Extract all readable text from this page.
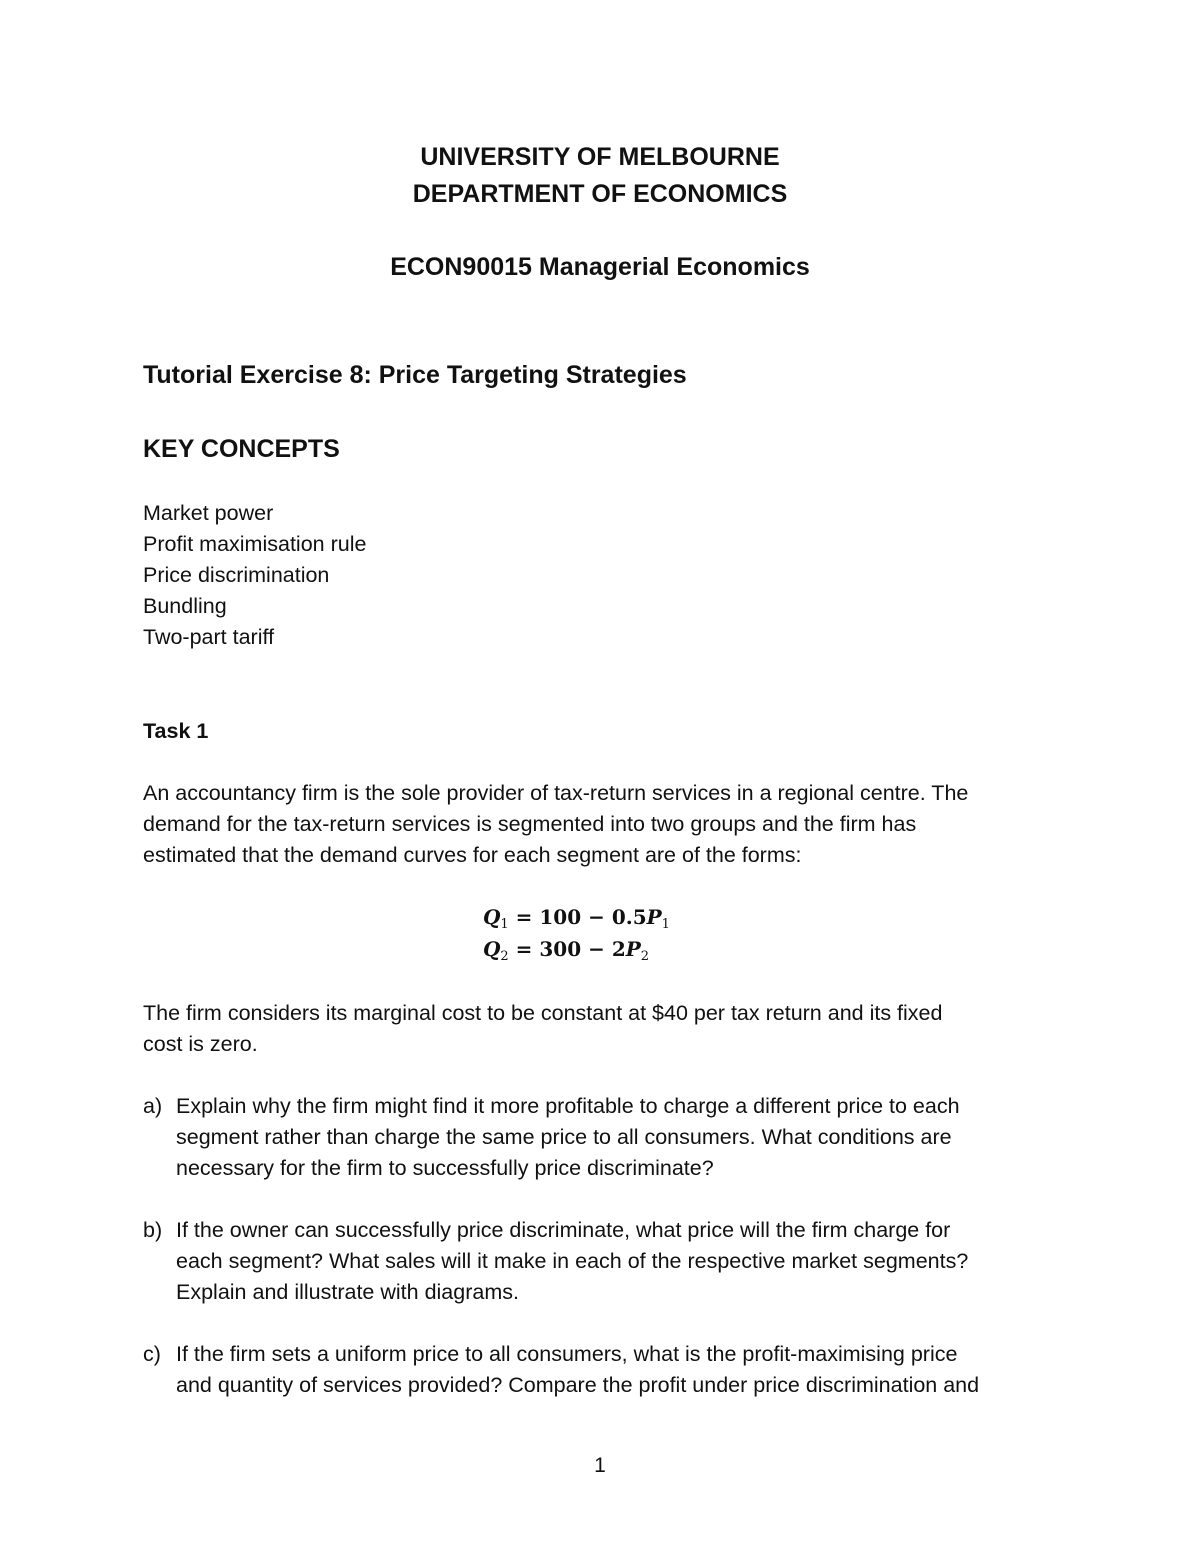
UNIVERSITY OF MELBOURNE
DEPARTMENT OF ECONOMICS
ECON90015 Managerial Economics
Tutorial Exercise 8: Price Targeting Strategies
KEY CONCEPTS
Market power
Profit maximisation rule
Price discrimination
Bundling
Two-part tariff
Task 1
An accountancy firm is the sole provider of tax-return services in a regional centre. The
demand for the tax-return services is segmented into two groups and the firm has
estimated that the demand curves for each segment are of the forms:
$Q_1 = 100 - 0.5P_1$
$Q_2 = 300 - 2P_2$
The firm considers its marginal cost to be constant at $40 per tax return and its fixed
cost is zero.
a) Explain why the firm might find it more profitable to charge a different price to each
segment rather than charge the same price to all consumers. What conditions are
necessary for the firm to successfully price discriminate?
b) If the owner can successfully price discriminate, what price will the firm charge for
each segment? What sales will it make in each of the respective market segments?
Explain and illustrate with diagrams.
c) If the firm sets a uniform price to all consumers, what is the profit-maximising price
and quantity of services provided? Compare the profit under price discrimination and
1
